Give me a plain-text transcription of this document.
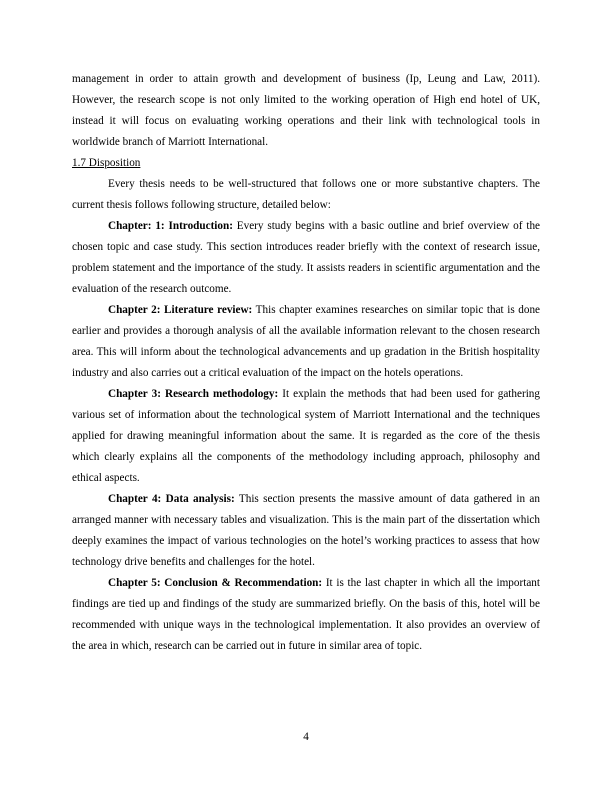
management in order to attain growth and development of business (Ip, Leung and Law, 2011). However, the research scope is not only limited to the working operation of High end hotel of UK, instead it will focus on evaluating working operations and their link with technological tools in worldwide branch of Marriott International.

1.7 Disposition

Every thesis needs to be well-structured that follows one or more substantive chapters. The current thesis follows following structure, detailed below:

Chapter: 1: Introduction: Every study begins with a basic outline and brief overview of the chosen topic and case study. This section introduces reader briefly with the context of research issue, problem statement and the importance of the study. It assists readers in scientific argumentation and the evaluation of the research outcome.

Chapter 2: Literature review: This chapter examines researches on similar topic that is done earlier and provides a thorough analysis of all the available information relevant to the chosen research area. This will inform about the technological advancements and up gradation in the British hospitality industry and also carries out a critical evaluation of the impact on the hotels operations.

Chapter 3: Research methodology: It explain the methods that had been used for gathering various set of information about the technological system of Marriott International and the techniques applied for drawing meaningful information about the same. It is regarded as the core of the thesis which clearly explains all the components of the methodology including approach, philosophy and ethical aspects.

Chapter 4: Data analysis: This section presents the massive amount of data gathered in an arranged manner with necessary tables and visualization. This is the main part of the dissertation which deeply examines the impact of various technologies on the hotel’s working practices to assess that how technology drive benefits and challenges for the hotel.

Chapter 5: Conclusion & Recommendation: It is the last chapter in which all the important findings are tied up and findings of the study are summarized briefly. On the basis of this, hotel will be recommended with unique ways in the technological implementation. It also provides an overview of the area in which, research can be carried out in future in similar area of topic.

4
